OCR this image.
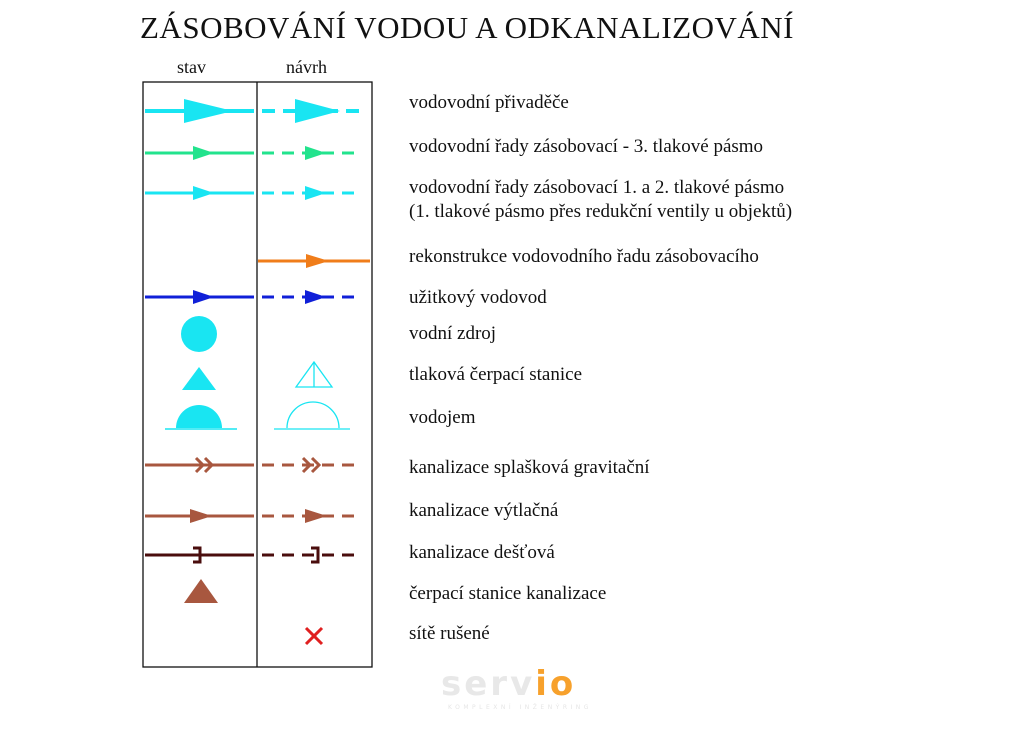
ZÁSOBOVÁNÍ VODOU A ODKANALIZOVÁNÍ
stav	návrh
vodovodní přivaděče
vodovodní řady zásobovací - 3. tlakové pásmo
vodovodní řady zásobovací 1. a 2. tlakové pásmo
(1. tlakové pásmo přes redukční ventily u objektů)
rekonstrukce vodovodního řadu zásobovacího
užitkový vodovod
vodní zdroj
tlaková čerpací stanice
vodojem
kanalizace splašková gravitační
kanalizace výtlačná
kanalizace dešťová
čerpací stanice kanalizace
sítě rušené
servio
KOMPLEXNÍ INŽENÝRING
